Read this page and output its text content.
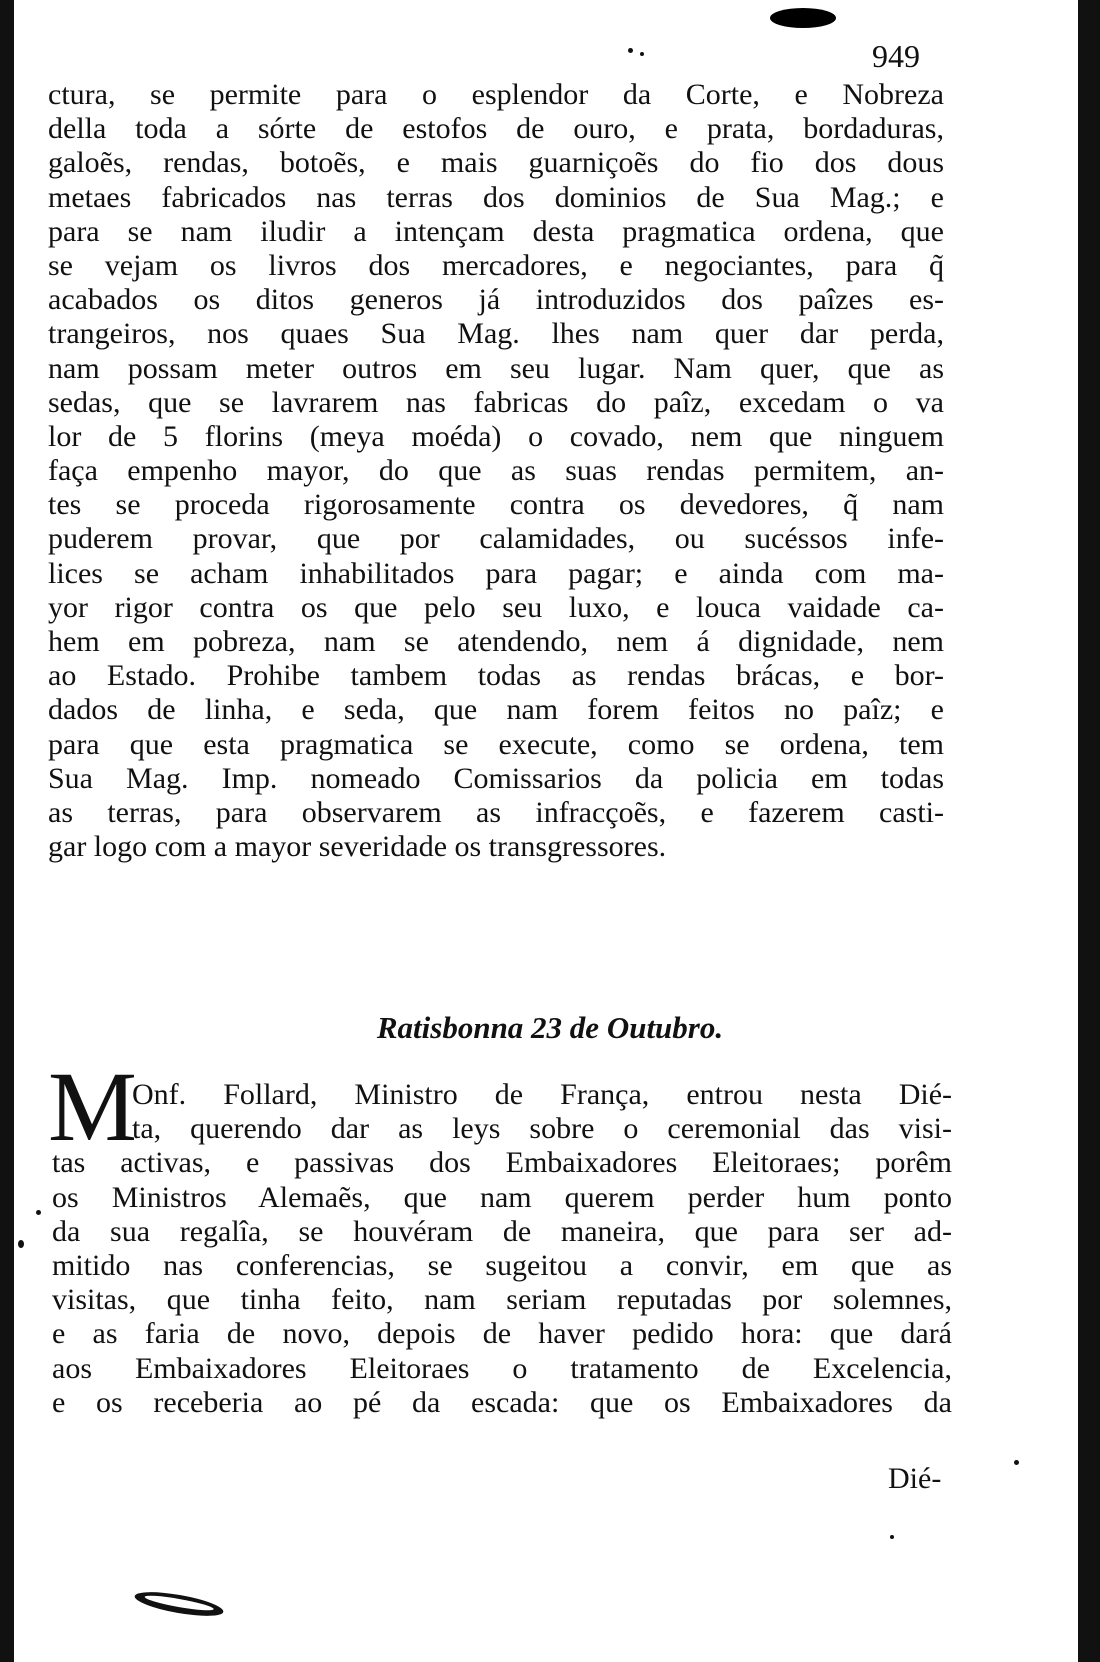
949
ctura, se permite para o esplendor da Corte, e Nobreza
della toda a sórte de estofos de ouro, e prata, bordaduras,
galoẽs, rendas, botoẽs, e mais guarniçoẽs do fio dos dous
metaes fabricados nas terras dos dominios de Sua Mag.; e
para se nam iludir a intençam desta pragmatica ordena, que
se vejam os livros dos mercadores, e negociantes, para q̃
acabados os ditos generos já introduzidos dos paîzes es-
trangeiros, nos quaes Sua Mag. lhes nam quer dar perda,
nam possam meter outros em seu lugar. Nam quer, que as
sedas, que se lavrarem nas fabricas do paîz, excedam o va
lor de 5 florins (meya moéda) o covado, nem que ninguem
faça empenho mayor, do que as suas rendas permitem, an-
tes se proceda rigorosamente contra os devedores, q̃ nam
puderem provar, que por calamidades, ou sucéssos infe-
lices se acham inhabilitados para pagar; e ainda com ma-
yor rigor contra os que pelo seu luxo, e louca vaidade ca-
hem em pobreza, nam se atendendo, nem á dignidade, nem
ao Estado. Prohibe tambem todas as rendas brácas, e bor-
dados de linha, e seda, que nam forem feitos no paîz; e
para que esta pragmatica se execute, como se ordena, tem
Sua Mag. Imp. nomeado Comissarios da policia em todas
as terras, para observarem as infracçoẽs, e fazerem casti-
gar logo com a mayor severidade os transgressores.
Ratisbonna 23 de Outubro.
M
Onf. Follard, Ministro de França, entrou nesta Dié-
ta, querendo dar as leys sobre o ceremonial das visi-
tas activas, e passivas dos Embaixadores Eleitoraes; porêm
os Ministros Alemaẽs, que nam querem perder hum ponto
da sua regalîa, se houvéram de maneira, que para ser ad-
mitido nas conferencias, se sugeitou a convir, em que as
visitas, que tinha feito, nam seriam reputadas por solemnes,
e as faria de novo, depois de haver pedido hora: que dará
aos Embaixadores Eleitoraes o tratamento de Excelencia,
e os receberia ao pé da escada: que os Embaixadores da
Dié-
